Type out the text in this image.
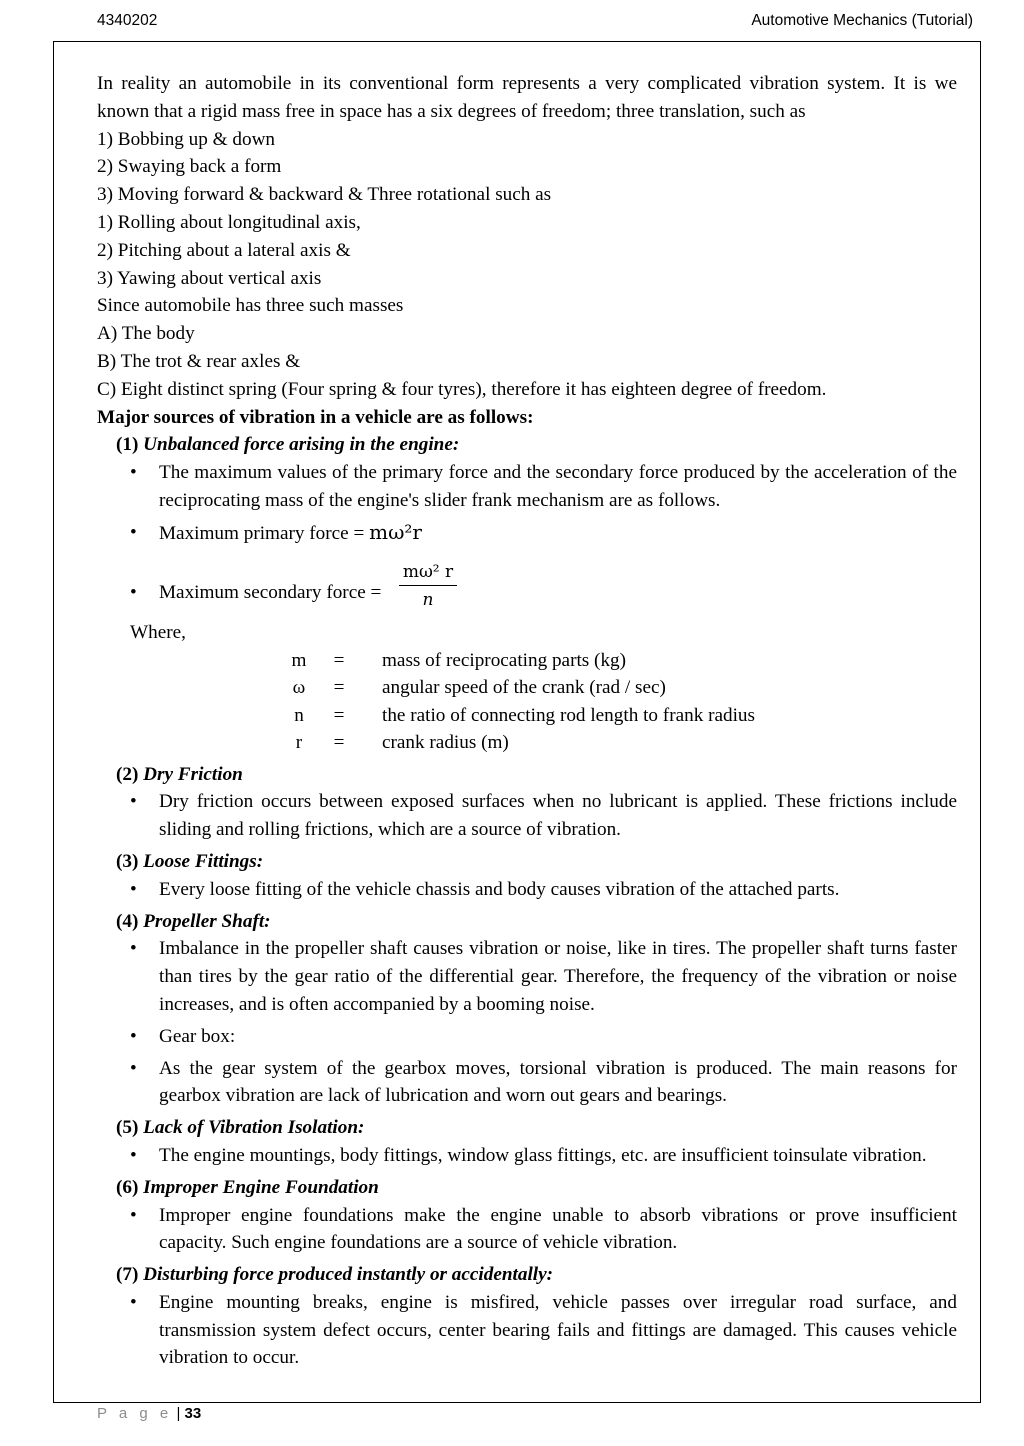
4340202	Automotive Mechanics (Tutorial)

In reality an automobile in its conventional form represents a very complicated vibration system. It is we known that a rigid mass free in space has a six degrees of freedom; three translation, such as

1) Bobbing up & down

2) Swaying back a form

3) Moving forward & backward & Three rotational such as

1) Rolling about longitudinal axis,

2) Pitching about a lateral axis &

3) Yawing about vertical axis

Since automobile has three such masses

A) The body

B) The trot & rear axles &

C) Eight distinct spring (Four spring & four tyres), therefore it has eighteen degree of freedom.

Major sources of vibration in a vehicle are as follows:

(1) Unbalanced force arising in the engine:

• The maximum values of the primary force and the secondary force produced by the acceleration of the reciprocating mass of the engine's slider frank mechanism are as follows.
• Maximum primary force = mω²r
• Maximum secondary force = $\frac{\text{mω² r}}{n}$

Where,

m = mass of reciprocating parts (kg)
ω = angular speed of the crank (rad / sec)
n = the ratio of connecting rod length to frank radius
r	= crank radius (m)

(2) Dry Friction

• Dry friction occurs between exposed surfaces when no lubricant is applied. These frictions include sliding and rolling frictions, which are a source of vibration.

(3) Loose Fittings:

• Every loose fitting of the vehicle chassis and body causes vibration of the attached parts.

(4) Propeller Shaft:

• Imbalance in the propeller shaft causes vibration or noise, like in tires. The propeller shaft turns faster than tires by the gear ratio of the differential gear. Therefore, the frequency of the vibration or noise increases, and is often accompanied by a booming noise.
• Gear box:
• As the gear system of the gearbox moves, torsional vibration is produced. The main reasons for gearbox vibration are lack of lubrication and worn out gears and bearings.

(5) Lack of Vibration Isolation:

• The engine mountings, body fittings, window glass fittings, etc. are insufficient toinsulate vibration.

(6) Improper Engine Foundation

• Improper engine foundations make the engine unable to absorb vibrations or prove insufficient capacity. Such engine foundations are a source of vehicle vibration.

(7) Disturbing force produced instantly or accidentally:

• Engine mounting breaks, engine is misfired, vehicle passes over irregular road surface, and transmission system defect occurs, center bearing fails and fittings are damaged. This causes vehicle vibration to occur.
P a g e | 33
